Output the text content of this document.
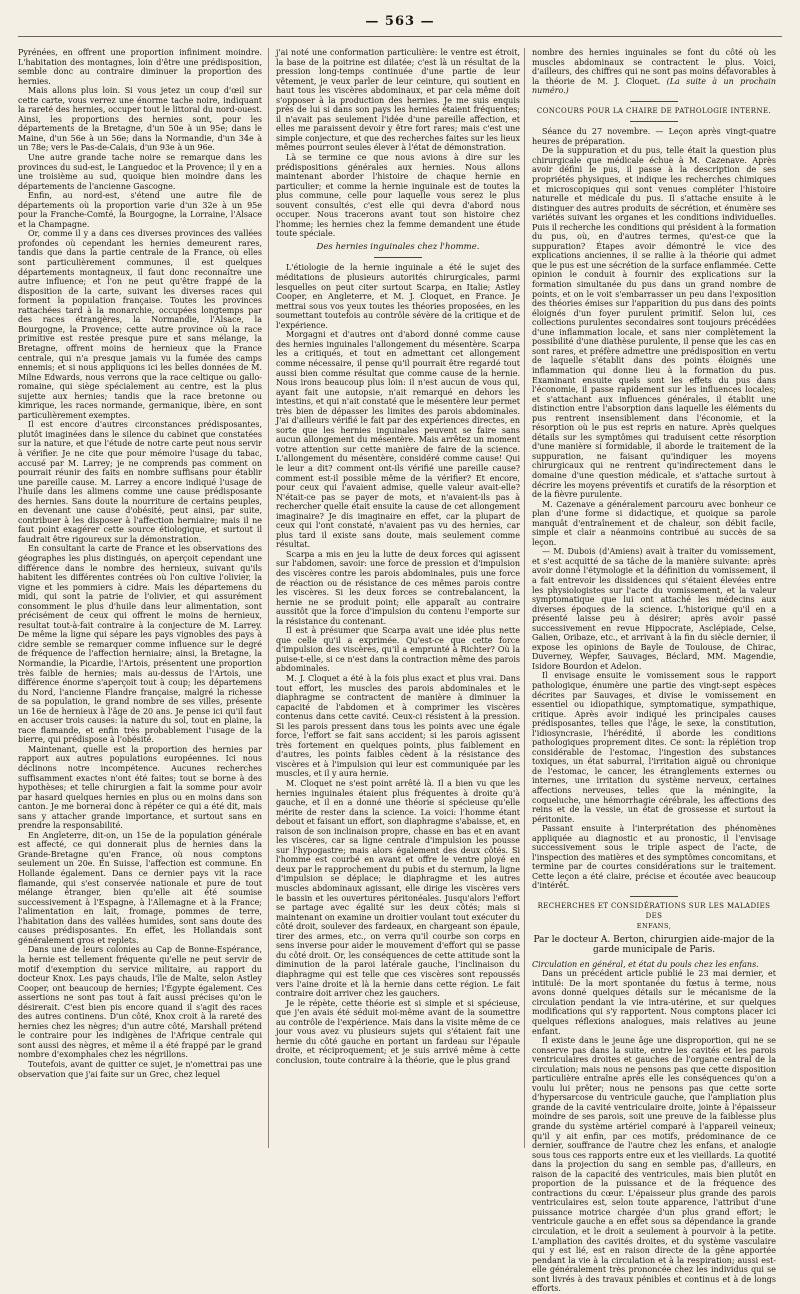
— 563 —

Pyrénées, en offrent une proportion infiniment moindre. L'habitation des montagnes, loin d'être une prédisposition, semble donc au contraire diminuer la proportion des hernies.

Mais allons plus loin. Si vous jetez un coup d'œil sur cette carte, vous verrez une énorme tache noire, indiquant la rareté des hernies, occuper tout le littoral du nord-ouest. Ainsi, les proportions des hernies sont, pour les départements de la Bretagne, d'un 50e à un 95e; dans le Maine, d'un 56e à un 56e; dans la Normandie, d'un 34e à un 78e; vers le Pas-de-Calais, d'un 93e à un 96e.

Une autre grande tache noire se remarque dans les provinces du sud-est, le Languedoc et la Provence; il y en a une troisième au sud, quoique bien moindre dans les départements de l'ancienne Gascogne.

Enfin, au nord-est, s'étend une autre file de départements où la proportion varie d'un 32e à un 95e pour la Franche-Comté, la Bourgogne, la Lorraine, l'Alsace et la Champagne.

Or, comme il y a dans ces diverses provinces des vallées profondes où cependant les hernies demeurent rares, tandis que dans la partie centrale de la France, où elles sont particulièrement communes, il est quelques départements montagneux, il faut donc reconnaître une autre influence; et l'on ne peut qu'être frappé de la disposition de la carte, suivant les diverses races qui forment la population française. Toutes les provinces rattachées tard à la monarchie, occupées longtemps par des races étrangères, la Normandie, l'Alsace, la Bourgogne, la Provence; cette autre province où la race primitive est restée presque pure et sans mélange, la Bretagne, offrent moins de hernieux que la France centrale, qui n'a presque jamais vu la fumée des camps ennemis; et si nous appliquons ici les belles données de M. Milne Edwards, nous verrons que la race celtique ou gallo-romaine, qui siège spécialement au centre, est la plus sujette aux hernies; tandis que la race bretonne ou kimrique, les races normande, germanique, ibère, en sont particulièrement exemptes.

Il est encore d'autres circonstances prédisposantes, plutôt imaginées dans le silence du cabinet que constatées sur la nature, et que l'étude de notre carte peut nous servir à vérifier. Je ne cite que pour mémoire l'usage du tabac, accusé par M. Larrey; je ne comprends pas comment on pourrait réunir des faits en nombre suffisans pour établir une pareille cause. M. Larrey a encore indiqué l'usage de l'huile dans les alimens comme une cause prédisposante des hernies. Sans doute la nourriture de certains peuples, en devenant une cause d'obésité, peut ainsi, par suite, contribuer à les disposer à l'affection herniaire; mais il ne faut point exagérer cette source étiologique, et surtout il faudrait être rigoureux sur la démonstration.

En consultant la carte de France et les observations des géographes les plus distingués, on aperçoit cependant une différence dans le nombre des hernieux, suivant qu'ils habitent les différentes contrées où l'on cultive l'olivier, la vigne et les pommiers à cidre. Mais les départemens du midi, qui sont la patrie de l'olivier, et qui assurément consomment le plus d'huile dans leur alimentation, sont précisément de ceux qui offrent le moins de hernieux, resultat tout-à-fait contraire à la conjecture de M. Larrey. De même la ligne qui sépare les pays vignobles des pays à cidre semble se remarquer comme influence sur le degré de fréquence de l'affection herniaire; ainsi, la Bretagne, la Normandie, la Picardie, l'Artois, présentent une proportion très faible de hernies; mais au-dessus de l'Artois, une différence énorme s'aperçoit tout à coup; les départemens du Nord, l'ancienne Flandre française, malgré la richesse de sa population, le grand nombre de ses villes, présente un 16e de hernieux à l'âge de 20 ans. Je pense ici qu'il faut en accuser trois causes: la nature du sol, tout en plaine, la race flamande, et enfin très probablement l'usage de la bierre, qui prédispose à l'obésité.

Maintenant, quelle est la proportion des hernies par rapport aux autres populations européennes. Ici nous déclinons notre incompétence. Aucunes recherches suffisamment exactes n'ont été faites; tout se borne à des hypothèses; et telle chirurgien a fait la somme pour avoir par hasard quelques hernies en plus ou en moins dans son canton. Je me bornerai donc à répéter ce qui a été dit, mais sans y attacher grande importance, et surtout sans en prendre la responsabilité.

En Angleterre, dit-on, un 15e de la population générale est affecté, ce qui donnerait plus de hernies dans la Grande-Bretagne qu'en France, où nous comptons seulement un 20e. En Suisse, l'affection est commune. En Hollande également. Dans ce dernier pays vit la race flamande, qui s'est conservée nationale et pure de tout mélange étranger, bien qu'elle ait été soumise successivement à l'Espagne, à l'Allemagne et à la France; l'alimentation en lait, fromage, pommes de terre, l'habitation dans des vallées humides, sont sans doute des causes prédisposantes. En effet, les Hollandais sont généralement gros et replets.

Dans une de leurs colonies au Cap de Bonne-Espérance, la hernie est tellement fréquente qu'elle ne peut servir de motif d'exemption du service militaire, au rapport du docteur Knox. Les pays chauds, l'île de Malte, selon Astley Cooper, ont beaucoup de hernies; l'Égypte également. Ces assertions ne sont pas tout à fait aussi précises qu'on le désirerait. C'est bien pis encore quand il s'agit des races des autres continens. D'un côté, Knox croit à la rareté des hernies chez les nègres; d'un autre côté, Marshall prétend le contraire pour les indigènes de l'Afrique centrale qui sont aussi des nègres, et même il a été frappé par le grand nombre d'exomphales chez les négrillons.

Toutefois, avant de quitter ce sujet, je n'omettrai pas une observation que j'ai faite sur un Grec, chez lequel

j'ai noté une conformation particulière: le ventre est étroit, la base de la poitrine est dilatée; c'est là un résultat de la pression long-temps continuée d'une partie de leur vêtement, je veux parler de leur ceinture, qui soutient en haut tous les viscères abdominaux, et par cela même doit s'opposer à la production des hernies. Je me suis enquis près de lui si dans son pays les hernies étaient fréquentes; il n'avait pas seulement l'idée d'une pareille affection, et elles me paraissent devoir y être fort rares; mais c'est une simple conjecture, et que des recherches faites sur les lieux mêmes pourront seules élever à l'état de démonstration.

Là se termine ce que nous avions à dire sur les prédispositions générales aux hernies. Nous allons maintenant aborder l'histoire de chaque hernie en particulier; et comme la hernie inguinale est de toutes la plus commune, celle pour laquelle vous serez le plus souvent consultés, c'est elle qui devra d'abord nous occuper. Nous tracerons avant tout son histoire chez l'homme; les hernies chez la femme demandent une étude toute spéciale.

Des hernies inguinales chez l'homme.

L'étiologie de la hernie inguinale a été le sujet des méditations de plusieurs autorités chirurgicales, parmi lesquelles on peut citer surtout Scarpa, en Italie; Astley Cooper, en Angleterre, et M. J. Cloquet, en France. Je mettrai sous vos yeux toutes les théories proposées, en les soumettant toutefois au contrôle sévère de la critique et de l'expérience.

Morgagni et d'autres ont d'abord donné comme cause des hernies inguinales l'allongement du mésentère. Scarpa les a critiqués, et tout en admettant cet allongement comme nécessaire, il pense qu'il pourrait être regardé tout aussi bien comme résultat que comme cause de la hernie. Nous irons beaucoup plus loin: il n'est aucun de vous qui, ayant fait une autopsie, n'ait remarqué en dehors les intestins, et qui n'ait constaté que le mésentère leur permet très bien de dépasser les limites des parois abdominales. J'ai d'ailleurs vérifié le fait par des expériences directes, en sorte que les hernies inguinales peuvent se faire sans aucun allongement du mésentère. Mais arrêtez un moment votre attention sur cette manière de faire de la science. L'allongement du mésentère, considéré comme cause! Qui le leur a dit? comment ont-ils vérifié une pareille cause? comment est-il possible même de la vérifier? Et encore, pour ceux qui l'avaient admise, quelle valeur avait-elle? N'était-ce pas se payer de mots, et n'avaient-ils pas à rechercher quelle était ensuite la cause de cet allongement imaginaire? Je dis imaginaire en effet, car la plupart de ceux qui l'ont constaté, n'avaient pas vu des hernies, car plus tard il existe sans doute, mais seulement comme résultat.

Scarpa a mis en jeu la lutte de deux forces qui agissent sur l'abdomen, savoir: une force de pression et d'impulsion des viscères contre les parois abdominales, puis une force de réaction ou de résistance de ces mêmes parois contre les viscères. Si les deux forces se contrebalancent, la hernie ne se produit point; elle apparaît au contraire aussitôt que la force d'impulsion du contenu l'emporte sur la résistance du contenant.

Il est à présumer que Scarpa avait une idée plus nette que celle qu'il a exprimée. Qu'est-ce que cette force d'impulsion des viscères, qu'il a emprunté à Richter? Où la puise-t-elle, si ce n'est dans la contraction même des parois abdominales.

M. J. Cloquet a été à la fois plus exact et plus vrai. Dans tout effort, les muscles des parois abdominales et le diaphragme se contractent de manière à diminuer la capacité de l'abdomen et à comprimer les viscères contenus dans cette cavité. Ceux-ci résistent à la pression. Si les parois pressent dans tous les points avec une égale force, l'effort se fait sans accident; si les parois agissent très fortement en quelques points, plus faiblement en d'autres, les points faibles cèdent à la résistance des viscères et à l'impulsion qui leur est communiquée par les muscles, et il y aura hernie.

M. Cloquet ne s'est point arrêté là. Il a bien vu que les hernies inguinales étaient plus fréquentes à droite qu'à gauche, et il en a donné une théorie si spécieuse qu'elle mérite de rester dans la science. La voici: l'homme étant debout et faisant un effort, son diaphragme s'abaisse, et, en raison de son inclinaison propre, chasse en bas et en avant les viscères, car sa ligne centrale d'impulsion les pousse sur l'hypogastre; mais alors également des deux côtés. Si l'homme est courbé en avant et offre le ventre ployé en deux par le rapprochement du pubis et du sternum, la ligne d'impulsion se déplace; le diaphragme et les autres muscles abdominaux agissant, elle dirige les viscères vers le bassin et les ouvertures péritonéales. Jusqu'alors l'effort se partage avec égalité sur les deux côtés; mais si maintenant on examine un droitier voulant tout exécuter du côté droit, soulever des fardeaux, en chargeant son épaule, tirer des armes, etc., on verra qu'il courbe son corps en sens inverse pour aider le mouvement d'effort qui se passe du côté droit. Or, les conséquences de cette attitude sont la diminution de la paroi latérale gauche, l'inclinaison du diaphragme qui est telle que ces viscères sont repoussés vers l'aine droite et là la hernie dans cette région. Le fait contraire doit arriver chez les gauchers.

Je le répète, cette théorie est si simple et si spécieuse, que j'en avais été séduit moi-même avant de la soumettre au contrôle de l'expérience. Mais dans la visite même de ce jour vous avez vu plusieurs sujets qui s'étaient fait une hernie du côté gauche en portant un fardeau sur l'épaule droite, et réciproquement; et je suis arrivé même à cette conclusion, toute contraire à la théorie, que le plus grand

nombre des hernies inguinales se font du côté où les muscles abdominaux se contractent le plus. Voici, d'ailleurs, des chiffres qui ne sont pas moins défavorables à la théorie de M. J. Cloquet. (La suite à un prochain numéro.)

CONCOURS POUR LA CHAIRE DE PATHOLOGIE INTERNE.

Séance du 27 novembre. — Leçon après vingt-quatre heures de préparation.

De la suppuration et du pus, telle était la question plus chirurgicale que médicale échue à M. Cazenave. Après avoir défini le pus, il passe à la description de ses propriétés physiques, et indique les recherches chimiques et microscopiques qui sont venues compléter l'histoire naturelle et médicale du pus. Il s'attache ensuite à le distinguer des autres produits de sécrétion, et énumère ses variétés suivant les organes et les conditions individuelles. Puis il recherche les conditions qui président à la formation du pus, où, en d'autres termes, qu'est-ce que la suppuration? Étapes avoir démontré le vice des explications anciennes, il se rallie à la théorie qui admet que le pus est une sécrétion de la surface enflammée. Cette opinion le conduit à fournir des explications sur la formation simultanée du pus dans un grand nombre de points, et on le voit s'embarrasser un peu dans l'exposition des théories émises sur l'apparition du pus dans des points éloignés d'un foyer purulent primitif. Selon lui, ces collections purulentes secondaires sont toujours précédées d'une inflammation locale, et sans nier complètement la possibilité d'une diathèse purulente, il pense que les cas en sont rares, et préfère admettre une prédisposition en vertu de laquelle s'établit dans des points éloignés une inflammation qui donne lieu à la formation du pus. Examinant ensuite quels sont les effets du pus dans l'économie, il passe rapidement sur les influences locales; et s'attachant aux influences générales, il établit une distinction entre l'absorption dans laquelle les éléments du pus rentrent insensiblement dans l'économie, et la résorption où le pus est repris en nature. Après quelques détails sur les symptômes qui traduisent cette résorption d'une manière si formidable, il aborde le traitement de la suppuration, ne faisant qu'indiquer les moyens chirurgicaux qui ne rentrent qu'indirectement dans le domaine d'une question médicale, et s'attache surtout à décrire les moyens préventifs et curatifs de la résorption et de la fièvre purulente.

M. Cazenave a généralement parcouru avec bonheur ce plan d'une forme si didactique, et quoique sa parole manquât d'entraînement et de chaleur, son débit facile, simple et clair a néanmoins contribué au succès de sa leçon.

— M. Dubois (d'Amiens) avait à traiter du vomissement, et s'est acquitté de sa tâche de la manière suivante: après avoir donné l'étymologie et la définition du vomissement, il a fait entrevoir les dissidences qui s'étaient élevées entre les physiologistes sur l'acte du vomissement, et la valeur symptomatique que lui ont attaché les médecins aux diverses époques de la science. L'historique qu'il en a présenté laisse peu à désirer; après avoir passé successivement en revue Hippocrate, Asclépiade, Celse, Galien, Oribaze, etc., et arrivant à la fin du siècle dernier, il expose les opinions de Bayle de Toulouse, de Chirac, Duverney, Wepfer, Sauvages, Béclard, MM. Magendie, Isidore Bourdon et Adelon.

Il envisage ensuite le vomissement sous le rapport pathologique, énumère une partie des vingt-sept espèces décrites par Sauvages, et divise le vomissement en essentiel ou idiopathique, symptomatique, sympathique, critique. Après avoir indiqué les principales causes prédisposantes, telles que l'âge, le sexe, la constitution, l'idiosyncrasie, l'hérédité, il aborde les conditions pathologiques proprement dites. Ce sont: la réplétion trop considérable de l'estomac, l'ingestion des substances toxiques, un état saburral, l'irritation aiguë ou chronique de l'estomac, le cancer, les étranglements externes ou internes, une irritation du système nerveux, certaines affections nerveuses, telles que la méningite, la coqueluche, une hémorrhagie cérébrale, les affections des reins et de la vessie, un état de grossesse et surtout la péritonite.

Passant ensuite à l'interprétation des phénomènes appliquée au diagnostic et au pronostic, il l'envisage successivement sous le triple aspect de l'acte, de l'inspection des matières et des symptômes concomitans, et termine par de courtes considérations sur le traitement. Cette leçon a été claire, précise et écoutée avec beaucoup d'intérêt.

RECHERCHES ET CONSIDÉRATIONS SUR LES MALADIES DES
ENFANS,
Par le docteur A. Berton, chirurgien aide-major de la garde municipale de Paris.

Circulation en général, et état du pouls chez les enfans.

Dans un précédent article publié le 23 mai dernier, et intitulé: De la mort spontanée du fœtus à terme, nous avons donné quelques détails sur le mécanisme de la circulation pendant la vie intra-utérine, et sur quelques modifications qui s'y rapportent. Nous comptons placer ici quelques réflexions analogues, mais relatives au jeune enfant.

Il existe dans le jeune âge une disproportion, qui ne se conserve pas dans la suite, entre les cavités et les parois ventriculaires droites et gauches de l'organe central de la circulation; mais nous ne pensons pas que cette disposition particulière entraîne après elle les conséquences qu'on a voulu lui prêter; nous ne pensons pas que cette sorte d'hypersarcose du ventricule gauche, que l'ampliation plus grande de la cavité ventriculaire droite, jointe à l'épaisseur moindre de ses parois, soit une preuve de la faiblesse plus grande du système artériel comparé à l'appareil veineux; qu'il y ait enfin, par ces motifs, prédominance de ce dernier, souffrance de l'autre chez les enfans, et analogie sous tous ces rapports entre eux et les vieillards. La quotité dans la projection du sang en semble pas, d'ailleurs, en raison de la capacité des ventricules, mais bien plutôt en proportion de la puissance et de la fréquence des contractions du cœur. L'épaisseur plus grande des parois ventriculaires est, selon toute apparence, l'attribut d'une puissance motrice chargée d'un plus grand effort; le ventricule gauche a en effet sous sa dépendance la grande circulation, et le droit a seulement à pourvoir à la petite. L'ampliation des cavités droites, et du système vasculaire qui y est lié, est en raison directe de la gêne apportée pendant la vie à la circulation et à la respiration; aussi est-elle généralement très prononcée chez les individus qui se sont livrés à des travaux pénibles et continus et à de longs efforts.
